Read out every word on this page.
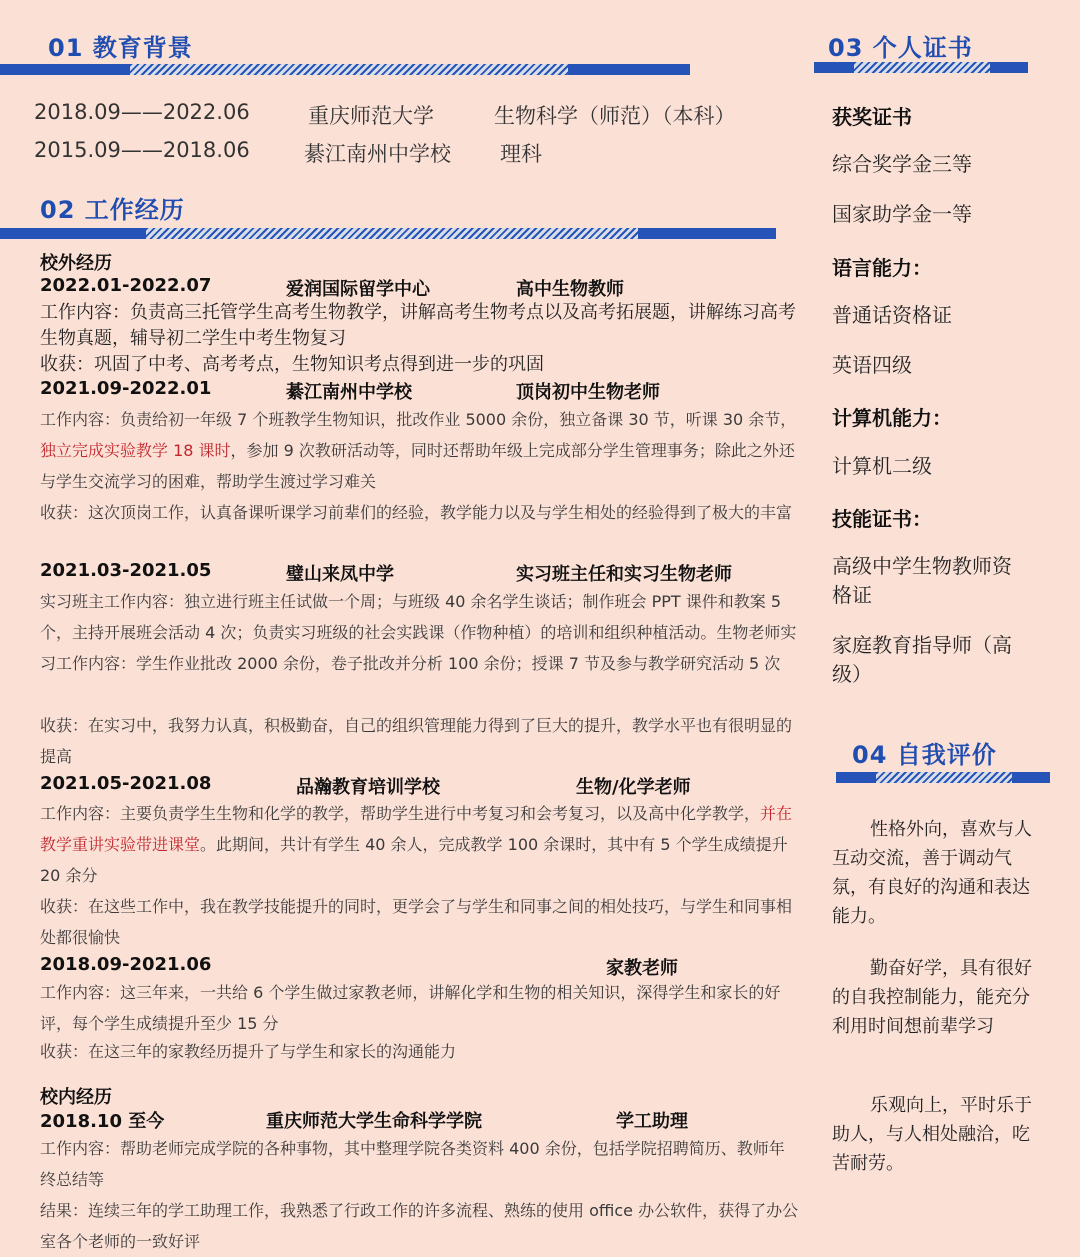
01 教育背景
2018.09——2022.06	重庆师范大学	生物科学（师范）（本科）
2015.09——2018.06	綦江南州中学校 理科
02 工作经历
校外经历
2022.01-2022.07	爱润国际留学中心	高中生物教师
工作内容：负责高三托管学生高考生物教学，讲解高考生物考点以及高考拓展题，讲解练习高考生物真题，辅导初二学生中考生物复习
收获：巩固了中考、高考考点，生物知识考点得到进一步的巩固
2021.09-2022.01	綦江南州中学校	顶岗初中生物老师
工作内容：负责给初一年级 7 个班教学生物知识，批改作业 5000 余份，独立备课 30 节，听课 30 余节，独立完成实验教学 18 课时，参加 9 次教研活动等，同时还帮助年级上完成部分学生管理事务；除此之外还与学生交流学习的困难，帮助学生渡过学习难关
收获：这次顶岗工作，认真备课听课学习前辈们的经验，教学能力以及与学生相处的经验得到了极大的丰富
2021.03-2021.05	璧山来凤中学	实习班主任和实习生物老师
实习班主工作内容：独立进行班主任试做一个周；与班级 40 余名学生谈话；制作班会 PPT 课件和教案 5 个，主持开展班会活动 4 次；负责实习班级的社会实践课（作物种植）的培训和组织种植活动。生物老师实习工作内容：学生作业批改 2000 余份，卷子批改并分析 100 余份；授课 7 节及参与教学研究活动 5 次
收获：在实习中，我努力认真，积极勤奋，自己的组织管理能力得到了巨大的提升，教学水平也有很明显的提高
2021.05-2021.08	品瀚教育培训学校	生物/化学老师
工作内容：主要负责学生生物和化学的教学，帮助学生进行中考复习和会考复习，以及高中化学教学，并在教学重讲实验带进课堂。此期间，共计有学生 40 余人，完成教学 100 余课时，其中有 5 个学生成绩提升 20 余分
收获：在这些工作中，我在教学技能提升的同时，更学会了与学生和同事之间的相处技巧，与学生和同事相处都很愉快
2018.09-2021.06	家教老师
工作内容：这三年来，一共给 6 个学生做过家教老师，讲解化学和生物的相关知识，深得学生和家长的好评，每个学生成绩提升至少 15 分
收获：在这三年的家教经历提升了与学生和家长的沟通能力
校内经历
2018.10 至今	重庆师范大学生命科学学院	学工助理
工作内容：帮助老师完成学院的各种事物，其中整理学院各类资料 400 余份，包括学院招聘简历、教师年终总结等
结果：连续三年的学工助理工作，我熟悉了行政工作的许多流程、熟练的使用 office 办公软件，获得了办公室各个老师的一致好评
03 个人证书
获奖证书
综合奖学金三等
国家助学金一等
语言能力：
普通话资格证
英语四级
计算机能力：
计算机二级
技能证书：
高级中学生物教师资格证
家庭教育指导师（高级）
04 自我评价
性格外向，喜欢与人互动交流，善于调动气氛，有良好的沟通和表达能力。
勤奋好学，具有很好的自我控制能力，能充分利用时间想前辈学习
乐观向上，平时乐于助人，与人相处融洽，吃苦耐劳。
